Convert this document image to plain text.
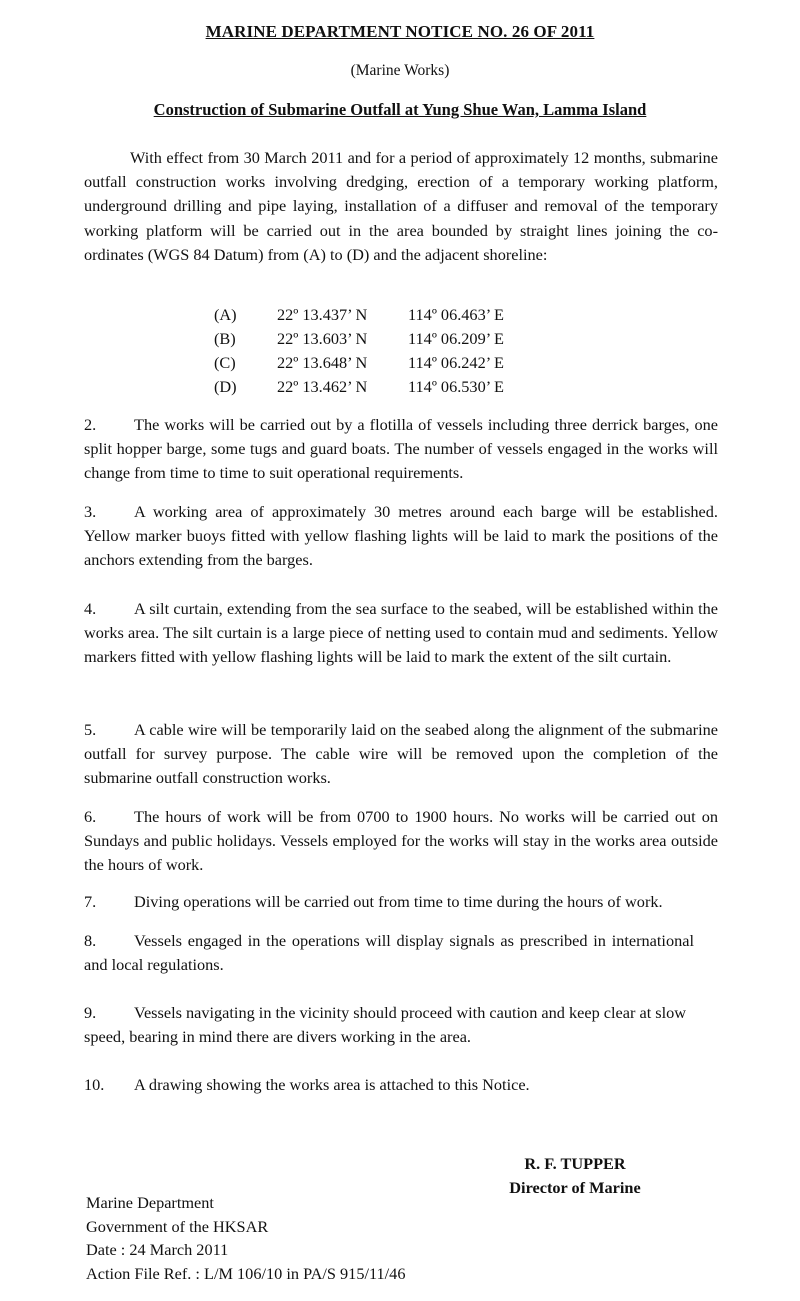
MARINE DEPARTMENT NOTICE NO. 26 OF 2011
(Marine Works)
Construction of Submarine Outfall at Yung Shue Wan, Lamma Island
With effect from 30 March 2011 and for a period of approximately 12 months, submarine outfall construction works involving dredging, erection of a temporary working platform, underground drilling and pipe laying, installation of a diffuser and removal of the temporary working platform will be carried out in the area bounded by straight lines joining the co-ordinates (WGS 84 Datum) from (A) to (D) and the adjacent shoreline:
(A)	22º 13.437’ N	114º 06.463’ E
(B)	22º 13.603’ N	114º 06.209’ E
(C)	22º 13.648’ N	114º 06.242’ E
(D)	22º 13.462’ N	114º 06.530’ E
2. The works will be carried out by a flotilla of vessels including three derrick barges, one split hopper barge, some tugs and guard boats. The number of vessels engaged in the works will change from time to time to suit operational requirements.
3. A working area of approximately 30 metres around each barge will be established. Yellow marker buoys fitted with yellow flashing lights will be laid to mark the positions of the anchors extending from the barges.
4. A silt curtain, extending from the sea surface to the seabed, will be established within the works area. The silt curtain is a large piece of netting used to contain mud and sediments. Yellow markers fitted with yellow flashing lights will be laid to mark the extent of the silt curtain.
5. A cable wire will be temporarily laid on the seabed along the alignment of the submarine outfall for survey purpose. The cable wire will be removed upon the completion of the submarine outfall construction works.
6. The hours of work will be from 0700 to 1900 hours. No works will be carried out on Sundays and public holidays. Vessels employed for the works will stay in the works area outside the hours of work.
7. Diving operations will be carried out from time to time during the hours of work.
8. Vessels engaged in the operations will display signals as prescribed in international and local regulations.
9. Vessels navigating in the vicinity should proceed with caution and keep clear at slow speed, bearing in mind there are divers working in the area.
10. A drawing showing the works area is attached to this Notice.
R. F. TUPPER
Director of Marine
Marine Department
Government of the HKSAR
Date : 24 March 2011
Action File Ref. : L/M 106/10 in PA/S 915/11/46
